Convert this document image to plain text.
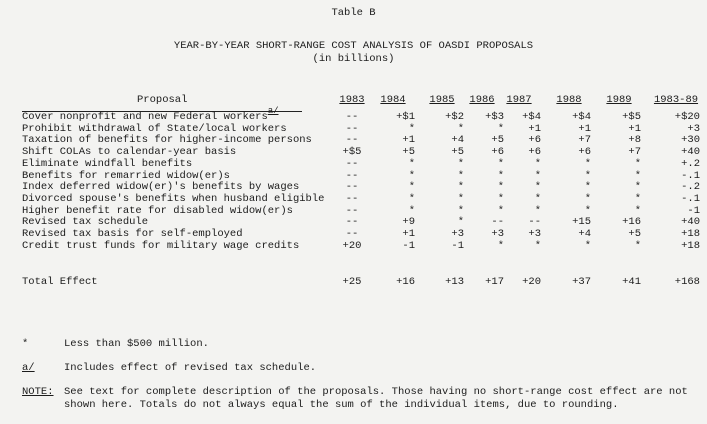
Table B
YEAR-BY-YEAR SHORT-RANGE COST ANALYSIS OF OASDI PROPOSALS
(in billions)
Proposal	1983	1984	1985	1986	1987	1988	1989	1983-89
Cover nonprofit and new Federal workers a/	--	+$1	+$2	+$3	+$4	+$4	+$5	+$20
Prohibit withdrawal of State/local workers	--	*	*	*	+1	+1	+1	+3
Taxation of benefits for higher-income persons	--	+1	+4	+5	+6	+7	+8	+30
Shift COLAs to calendar-year basis	+$5	+5	+5	+6	+6	+6	+7	+40
Eliminate windfall benefits	--	*	*	*	*	*	*	+.2
Benefits for remarried widow(er)s	--	*	*	*	*	*	*	-.1
Index deferred widow(er)'s benefits by wages	--	*	*	*	*	*	*	-.2
Divorced spouse's benefits when husband eligible	--	*	*	*	*	*	*	-.1
Higher benefit rate for disabled widow(er)s	--	*	*	*	*	*	*	-1
Revised tax schedule	--	+9	*	--	--	+15	+16	+40
Revised tax basis for self-employed	--	+1	+3	+3	+3	+4	+5	+18
Credit trust funds for military wage credits	+20	-1	-1	*	*	*	*	+18
Total Effect	+25	+16	+13	+17	+20	+37	+41	+168
*	Less than $500 million.
a/	Includes effect of revised tax schedule.
NOTE: See text for complete description of the proposals. Those having no short-range cost effect are not
shown here. Totals do not always equal the sum of the individual items, due to rounding.
